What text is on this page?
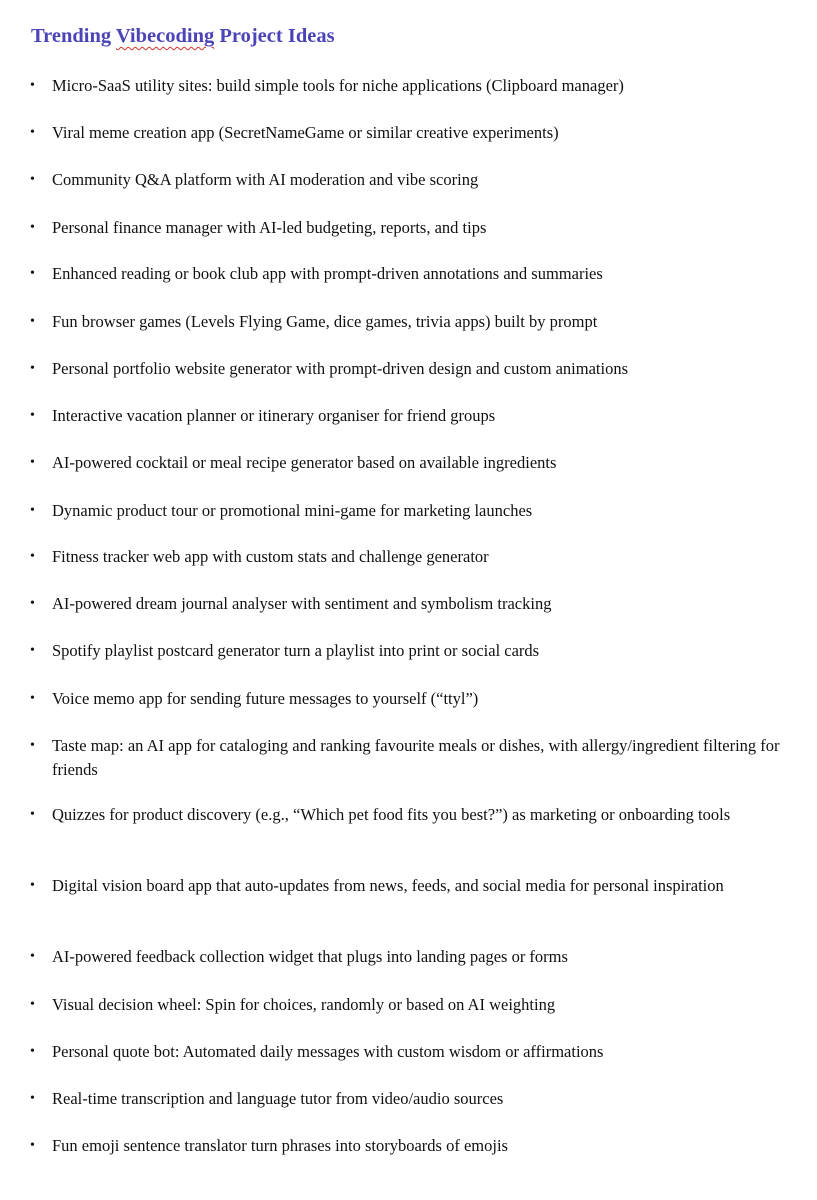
Trending Vibecoding Project Ideas
• Micro-SaaS utility sites: build simple tools for niche applications (Clipboard manager)
• Viral meme creation app (SecretNameGame or similar creative experiments)
• Community Q&A platform with AI moderation and vibe scoring
• Personal finance manager with AI-led budgeting, reports, and tips
• Enhanced reading or book club app with prompt-driven annotations and summaries
• Fun browser games (Levels Flying Game, dice games, trivia apps) built by prompt
• Personal portfolio website generator with prompt-driven design and custom animations
• Interactive vacation planner or itinerary organiser for friend groups
• AI-powered cocktail or meal recipe generator based on available ingredients
• Dynamic product tour or promotional mini-game for marketing launches
• Fitness tracker web app with custom stats and challenge generator
• AI-powered dream journal analyser with sentiment and symbolism tracking
• Spotify playlist postcard generator turn a playlist into print or social cards
• Voice memo app for sending future messages to yourself (“ttyl”)
• Taste map: an AI app for cataloging and ranking favourite meals or dishes, with allergy/ingredient filtering for friends
• Quizzes for product discovery (e.g., “Which pet food fits you best?”) as marketing or onboarding tools
• Digital vision board app that auto-updates from news, feeds, and social media for personal inspiration
• AI-powered feedback collection widget that plugs into landing pages or forms
• Visual decision wheel: Spin for choices, randomly or based on AI weighting
• Personal quote bot: Automated daily messages with custom wisdom or affirmations
• Real-time transcription and language tutor from video/audio sources
• Fun emoji sentence translator turn phrases into storyboards of emojis
